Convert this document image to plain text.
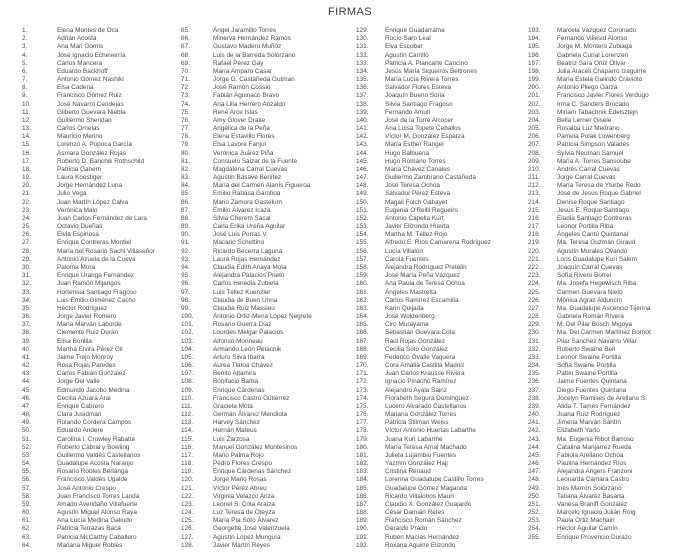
FIRMAS
1.	Elena Montes de Oca
2.	Adrián Acosta
3.	Ana Mari Gomís
4.	José Ignacio Echeverría
5.	Carlos Mancera
6.	Eduardo Backhoff
7.	Antonio Gómez Nashiki
8.	Elsa Cadena
9.	Francisco Gómez Ruiz
10.	José Navarro Cendejas
11.	Gilberto Guevara Niebla
12.	Guillermo Sheridan
13.	Carlos Ornelas
14.	Mauricio Merino
15.	Lorenzo A. Popoca García
16.	Asmara González Rojas
17.	Roberto D. Banchik Rothschild
18.	Patricia Ganem
19.	Laura Koestiger
20.	Jorge Hernández Luna
21.	Julio Vega
22.	Juan Martín López Calva
23.	Verónica Malo
24.	Juan Carlos Fernández de Lara
25.	Octavio Dueñas
26.	Elvia Espinosa
27.	Enrique Contreras Montiel
28.	María del Rosario Sachi Villaseñor
29.	Antonio Azuela de la Cueva
30.	Paloma Mora
31.	Enrique Uranga Fernández
32.	Juan Ramón Mijangos
33.	Hortensia Santiago Fragoso
34.	Luis Emilio Giménez Cacho
35.	Héctor Rodríguez
36.	Jorge Javier Romero
37.	María Marván Laborde
38.	Clemente Ruiz Durán
39.	Elisa Bonilla
40.	Martha Elvira Pérez Gil
41.	Jaime Trejo Monroy
42.	Rosa Rojas Paredes
43.	Carlos Fabián González
44.	Jorge Del Valle
45.	Edmundo Jacobo Medina
46.	Cecilia Azuara Arai
47.	Enrique Cabrero
48.	Clara Jusidman
49.	Rolando Cordera Campos
50.	Eduardo Andere
51.	Carolina I. Crowley Rabatté
52.	Roberto Cabral y Bowling
53.	Guillermo Valdés Castellanos
54.	Guadalupe Acosta Naranjo
55.	Rosario Robles Berlanga
56.	Francisco Valdés Ugalde
57.	José Antonio Crespo
58.	Juan Francisco Torres Landa
59.	Amado Avendaño Villafuerte
60.	Agustín Miguel Alonso Raya
61.	Ana Lucía Medina Galindo
62.	Patricia Terrazas Baca
63.	Patricia McCarthy Caballero
64.	Mariana Miguel Robles
65.	Ángel Jaramillo Torres
66.	Minerva Hernández Ramos
67.	Gustavo Madero Muñoz
68.	Luis de la Barreda Solórzano
69.	Rafael Pérez Gay
70.	María Amparo Casar
71.	Jorge G. Castañeda Gutman
72.	José Ramón Cossío
73.	Fabián Aguinaco Bravo
74.	Ana Lilia Herrero Anzaldo
75.	René Arce Islas
76.	Amy Glover Drake
77.	Angélica de la Peña
78.	Elena Estavillo Flores
79.	Elsa Lavore Fanjul
80.	Verónica Juárez Piña
81.	Consuelo Sáizar de la Fuente
82.	Magdalena Carral Cuevas
83.	Agustín Basave Benítez
84.	María del Carmen Alanís Figueroa
85.	Emilio Rabasa Gamboa
86.	Mario Zamora Gastélum
87.	Emilio Álvarez Icaza
88.	Silvia Cherem Sacal
89.	Carla Erika Ureña Aguilar
90.	José Luis Porras V.
91.	Macario Schettino
92.	Ricardo Becerra Laguna
93.	Laura Rojas Hernández
94.	Claudia Edith Anaya Mota
95.	Alejandra Palacios Prieto
96.	Carlos Heredia Zubieta
97.	Luis Téllez Kuenzler
98.	Claudia de Buen Unna
99.	Claudia Ruiz Massieu
100.	Antonio Ortiz-Mena López Negrete
101.	Rosario Guerra Díaz
102.	Lourdes Melgar Palacios
103.	Alfonso Morineau
104.	Armando León Petacnik
105.	Arturo Silva Ibarra
106.	Aurea Tlatoa Chávez
107.	Benito Altamira
108.	Bonifacio Barba
109.	Enrique Cárdenas
110.	Francisco Castro Gutiérrez
111.	Graciela Mota
112.	Germán Álvarez Mendiola
113.	Harvey Sánchez
114.	Hernán Mateus
115.	Luis Zarzosa
116.	Manuel González Montesinos
117.	Mario Palma Rojo
118.	Pedro Flores Crespo
119.	Enrique Cárdenas Sánchez
120.	Jorge Mario Rosas
121.	Víctor Pérez Abreu
122.	Virginia Velazco Ariza
123.	Leonel S. Cota Araiza
124.	Luz Teresa de Oteyza
125.	María Pía Soto Álvarez
126.	Georgette José Valenzuela
127.	Agustín López Munguía
128.	Javier Martín Reyes
129.	Enrique Guadarrama
130.	Rocío Saro Leal
131.	Elva Escobar
132.	Agustín Carrillo
133.	Patricia A. Plancarte Cancino
134.	Jesús María Siqueiros Beltrones
135.	María Lucía Rivera Torres
136.	Salvador Flores Esteva
137.	Joaquín Bueno Soria
138.	Silvia Santiago Fragoso
139.	Fernando Amuti
140.	José de la Torre Alcocer
141.	Ana Luisa Topete Ceballos
142.	Víctor M. González Esparza
143.	María Esther Rangel
144.	Hugo Balbuena
145.	Hugo Romano Torres
146.	María Chávez Canales
147.	Guillermo Zambrano Castañeda
148.	José Teresa Ochoa
149.	Salvador Pérez Esteva
150.	Magali Folch Gabayet
151.	Eugenia O'Reilli Regueiro
152.	Antonio Capella Kurt
153.	Javier Elizondo Huerta
154.	Martha M. Téllez Rojo
155.	Alfredo E. Ríos Camarena Rodríguez
156.	Lucía Villalón
157.	Carola Fuentes
158.	Alejandra Rodríguez Pretelin
159.	José María Peña Vázquez
160.	Ana Paula de Teresa Ochoa
161.	Ángeles Mastretta
162.	Carlos Ramírez Escamilla
163.	Karin Quijada
164.	José Woldenberg
165.	Ciro Murayama
166.	Sebastián Guevara Cota
167.	Raúl Rojas González
168.	Cecilia Soto González
169.	Federico Ovalle Vaquera
170.	Cora Amalia Castilla Madrid
171.	Juan Carlos Krausse Rivera
172.	Ignacio Pinacho Ramírez
173.	Alejandro Ayala Sainz
174.	Florabeth Segura Domínguez
175.	Lucero Alvarado Castellanos
176.	Mariana González Torres
177.	Patricia Stilman Weiss
178.	Víctor Antonio Huertas Labarthe
179.	Juana Kuri Labarthe
180.	María Teresa Arnal Machado
181.	Julieta Lujambio Fuentes
182.	Yazmín González Hajj
183.	Cristina Renaud
184.	Lorenna Guadalupe Castillo Torres
185.	Guadalupe Gómez Maganda
186.	Ricardo Villalobos Mauri
187.	Claudio X. González Guajardo
188.	César Damián Retes
189.	Francisco Román Sánchez
190.	Gerardo Prado
191.	Rubén Macías Hernández
192.	Roxana Aguirre Elizondo
193.	Marcela Vázquez Coronado
194.	Fernando Viliesid Alonso
195.	Jorge M. Montero Zubiaga
196.	Gabriela Curial Lorenzen
197.	Beatriz Sara Ortiz Olivar
198.	Julia Araceli Chaparro Izaguirre
199.	María Estela Galindo Cravioto
200.	Antonio Pliego Garza
201.	Francisco Javier Flores Verdugo
202.	Irma C. Sanders Brocado
203.	Miriam Tabachnik Edelsztejn
204.	Bella Lerner Gisele
205.	Rosalba Luz Medrano
206.	Pamela Polak Lowenberg
207.	Patricia Simpson Valadés
208.	Sylvia Neuman Samuel
209.	María A. Torres Sansoube
210.	Andrés Carral Cuevas
211.	Jorge Carral Cuevas
212.	María Teresa de Yturbe Redo
213.	José de Jesús Roque Gabriel
214.	Denise Roque Santiago
215.	Jesús E. Roque Santiago
216.	Eladia Santiago Contreras
217.	Leonor Portilla Riba
218.	Ángeles Cantú Quintanal
219.	Ma. Teresa Guzmán Giraud
220.	Agustín Morales Ovando
221.	Loris Guadalupe Kuri Salem
222.	Joaquín Carral Cuevas
223.	Sofía Rivero Borrel
224.	Ma. Josefa Hegewisch Riba
225.	Carmen Guevara Nieto
226.	Mónica Agraz Alduncín
227.	Ma. Guadalupe Ascencio Tijerina
228.	Gabriela Román Rivera
229.	M. Del Pilar Bosch Migoya
230.	Ma. Del Carmen Martínez Bornot
231.	Pilar Sánchez Navarro Villar
232.	Roberto Swaine Bell
233.	Leonor Swaine Portilla
234.	Sofía Swaine Portilla
235.	Pablo Swaine Portilla
236.	Jaime Fuentes Quintana
237.	Diego Fuentes Quintana
238.	Jocelyn Ramises de Arellano S.
239.	Alida T. Tamés Fernández
240.	Juana Ruiz Rodríguez
241.	Jimena Marván Santín
242.	Elizabeth Yarto
243.	Ma. Eugenia Ribot Barroso
244.	Catalina Manjarrez Rueda
245.	Fabiola Arellano Ochoa
246.	Paulina Hernández Ríos
247.	Alejandra Angers Franzoni
248.	Leonarda Cámara Castro
249.	Inés Marrón Solórzano
250.	Tatiana Álvarez Basarta
251.	Vanesa Braniff González
252.	Marcelo Ignacio Julián Roig
253.	Paola Ortiz Machain
254.	Héctor Aguilar Camín
255.	Enrique Provencio Durazo
